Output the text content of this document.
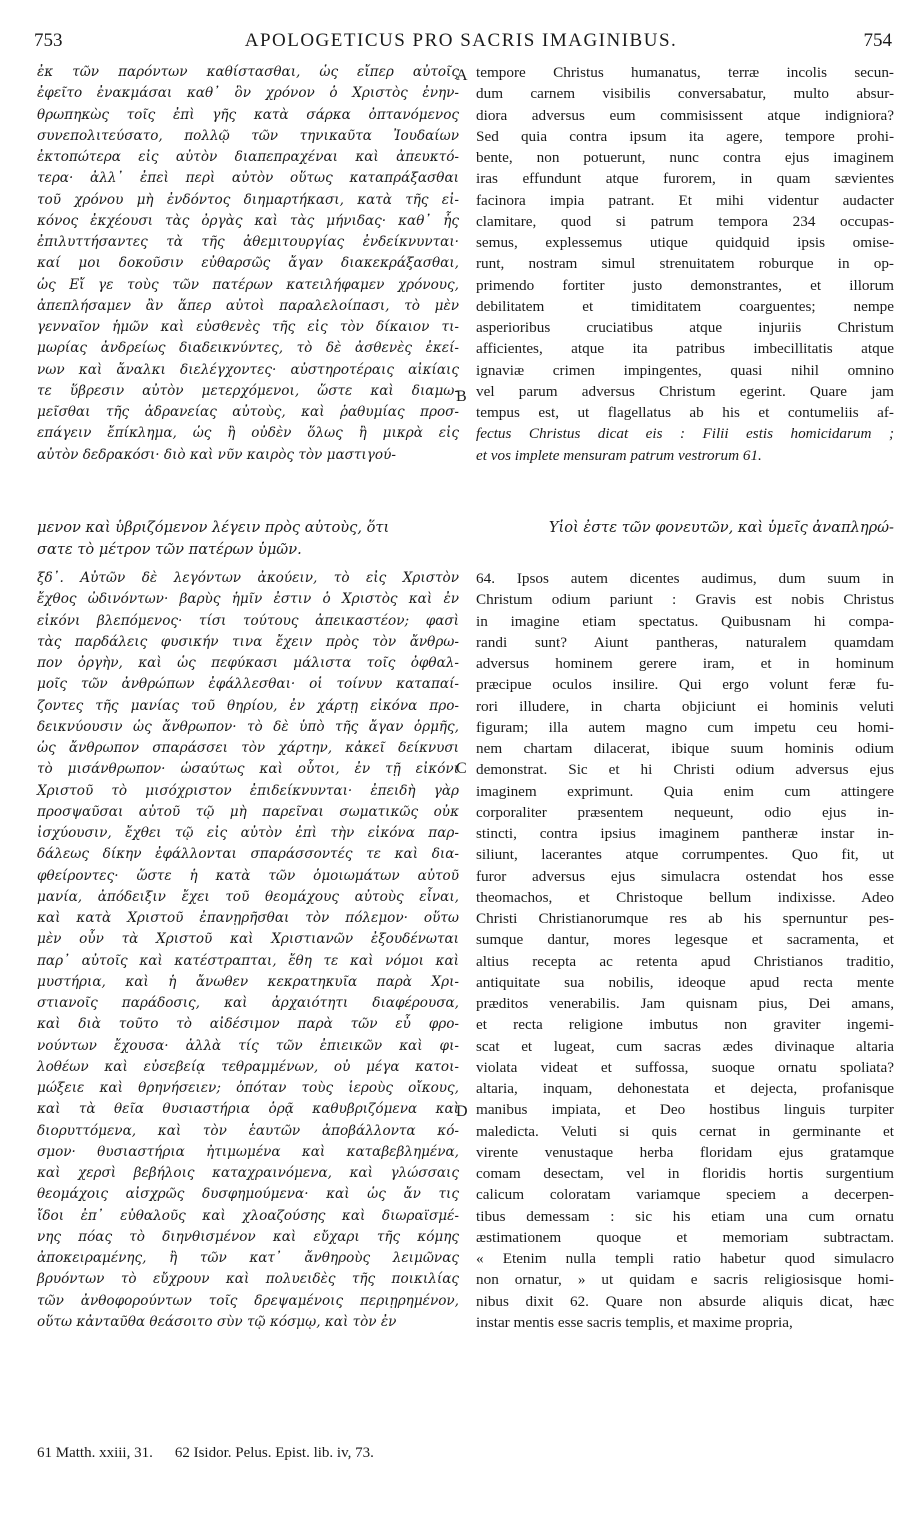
753	APOLOGETICUS PRO SACRIS IMAGINIBUS.	754
A
B
C
D
ἐκ τῶν παρόντων καθίστασθαι, ὡς εἴπερ αὐτοῖς
ἐφεῖτο ἐνακμάσαι καθ᾽ ὃν χρόνον ὁ Χριστὸς ἐνην-
θρωπηκὼς τοῖς ἐπὶ γῆς κατὰ σάρκα ὀπτανόμενος
συνεπολιτεύσατο, πολλῷ τῶν τηνικαῦτα Ἰουδαίων
ἐκτοπώτερα εἰς αὐτὸν διαπεπραχέναι καὶ ἀπευκτό-
τερα· ἀλλ᾽ ἐπεὶ περὶ αὐτὸν οὕτως καταπράξασθαι
τοῦ χρόνου μὴ ἐνδόντος διημαρτήκασι, κατὰ τῆς εἰ-
κόνος ἐκχέουσι τὰς ὀργὰς καὶ τὰς μήνιδας· καθ᾽ ἧς
ἐπιλυττήσαντες τὰ τῆς ἀθεμιτουργίας ἐνδείκνυνται·
καί μοι δοκοῦσιν εὐθαρσῶς ἄγαν διακεκράξασθαι,
ὡς Εἴ γε τοὺς τῶν πατέρων κατειλήφαμεν χρόνους,
ἀπεπλήσαμεν ἂν ἅπερ αὐτοὶ παραλελοίπασι, τὸ μὲν
γενναῖον ἡμῶν καὶ εὐσθενὲς τῆς εἰς τὸν δίκαιον τι-
μωρίας ἀνδρείως διαδεικνύντες, τὸ δὲ ἀσθενὲς ἐκεί-
νων καὶ ἄναλκι διελέγχοντες· αὐστηροτέραις αἰκίαις
τε ὕβρεσιν αὐτὸν μετερχόμενοι, ὥστε καὶ διαμω-
μεῖσθαι τῆς ἀδρανείας αὐτοὺς, καὶ ῥαθυμίας προσ-
επάγειν ἔπίκλημα, ὡς ἢ οὐδὲν ὅλως ἢ μικρὰ εἰς
αὐτὸν δεδρακόσι· διὸ καὶ νῦν καιρὸς τὸν μαστιγού-
tempore Christus humanatus, terræ incolis secun-
dum carnem visibilis conversabatur, multo absur-
diora adversus eum commisissent atque indigniora?
Sed quia contra ipsum ita agere, tempore prohi-
bente, non potuerunt, nunc contra ejus imaginem
iras effundunt atque furorem, in quam sævientes
facinora impia patrant. Et mihi videntur audacter
clamitare, quod si patrum tempora 234 occupas-
semus, explessemus utique quidquid ipsis omise-
runt, nostram simul strenuitatem roburque in op-
primendo fortiter justo demonstrantes, et illorum
debilitatem et timiditatem coarguentes; nempe
asperioribus cruciatibus atque injuriis Christum
afficientes, atque ita patribus imbecillitatis atque
ignaviæ crimen impingentes, quasi nihil omnino
vel parum adversus Christum egerint. Quare jam
tempus est, ut flagellatus ab his et contumeliis af-
fectus Christus dicat eis : Filii estis homicidarum ;
et vos implete mensuram patrum vestrorum 61.
μενον καὶ ὑβριζόμενον λέγειν πρὸς αὐτοὺς, ὅτι	Υἱοὶ ἐστε τῶν φονευτῶν, καὶ ὑμεῖς ἀναπληρώ-
σατε τὸ μέτρον τῶν πατέρων ὑμῶν.
ξδ᾽. Αὐτῶν δὲ λεγόντων ἀκούειν, τὸ εἰς Χριστὸν
ἔχθος ὠδινόντων· βαρὺς ἡμῖν ἐστιν ὁ Χριστὸς καὶ ἐν
εἰκόνι βλεπόμενος· τίσι τούτους ἀπεικαστέον; φασὶ
τὰς παρδάλεις φυσικήν τινα ἔχειν πρὸς τὸν ἄνθρω-
πον ὀργὴν, καὶ ὡς πεφύκασι μάλιστα τοῖς ὀφθαλ-
μοῖς τῶν ἀνθρώπων ἐφάλλεσθαι· οἱ τοίνυν καταπαί-
ζοντες τῆς μανίας τοῦ θηρίου, ἐν χάρτῃ εἰκόνα προ-
δεικνύουσιν ὡς ἄνθρωπον· τὸ δὲ ὑπὸ τῆς ἄγαν ὁρμῆς,
ὡς ἄνθρωπον σπαράσσει τὸν χάρτην, κἀκεῖ δείκνυσι
τὸ μισάνθρωπον· ὡσαύτως καὶ οὗτοι, ἐν τῇ εἰκόνι
Χριστοῦ τὸ μισόχριστον ἐπιδείκνυνται· ἐπειδὴ γὰρ
προσψαῦσαι αὐτοῦ τῷ μὴ παρεῖναι σωματικῶς οὐκ
ἰσχύουσιν, ἔχθει τῷ εἰς αὐτὸν ἐπὶ τὴν εἰκόνα παρ-
δάλεως δίκην ἐφάλλονται σπαράσσοντές τε καὶ δια-
φθείροντες· ὥστε ἡ κατὰ τῶν ὁμοιωμάτων αὐτοῦ
μανία, ἀπόδειξιν ἔχει τοῦ θεομάχους αὐτοὺς εἶναι,
καὶ κατὰ Χριστοῦ ἐπανῃρῆσθαι τὸν πόλεμον· οὕτω
μὲν οὖν τὰ Χριστοῦ καὶ Χριστιανῶν ἐξουδένωται
παρ᾽ αὐτοῖς καὶ κατέστραπται, ἔθη τε καὶ νόμοι καὶ
μυστήρια, καὶ ἡ ἄνωθεν κεκρατηκυῖα παρὰ Χρι-
στιανοῖς παράδοσις, καὶ ἀρχαιότητι διαφέρουσα,
καὶ διὰ τοῦτο τὸ αἰδέσιμον παρὰ τῶν εὖ φρο-
νούντων ἔχουσα· ἀλλὰ τίς τῶν ἐπιεικῶν καὶ φι-
λοθέων καὶ εὐσεβείᾳ τεθραμμένων, οὐ μέγα κατοι-
μώξειε καὶ θρηνήσειεν; ὁπόταν τοὺς ἱεροὺς οἴκους,
καὶ τὰ θεῖα θυσιαστήρια ὁρᾷ καθυβριζόμενα καὶ
διορυττόμενα, καὶ τὸν ἑαυτῶν ἀποβάλλοντα κό-
σμον· θυσιαστήρια ἠτιμωμένα καὶ καταβεβλημένα,
καὶ χερσὶ βεβήλοις καταχραινόμενα, καὶ γλώσσαις
θεομάχοις αἰσχρῶς δυσφημούμενα· καὶ ὡς ἄν τις
ἴδοι ἐπ᾽ εὐθαλοῦς καὶ χλοαζούσης καὶ διωραϊσμέ-
νης πόας τὸ διηνθισμένον καὶ εὔχαρι τῆς κόμης
ἀποκειραμένης, ἢ τῶν κατ᾽ ἄνθηροὺς λειμῶνας
βρυόντων τὸ εὔχρουν καὶ πολυειδὲς τῆς ποικιλίας
τῶν ἀνθοφορούντων τοῖς δρεψαμένοις περιῃρημένον,
οὕτω κἀνταῦθα θεάσοιτο σὺν τῷ κόσμῳ, καὶ τὸν ἐν
64. Ipsos autem dicentes audimus, dum suum in
Christum odium pariunt : Gravis est nobis Christus
in imagine etiam spectatus. Quibusnam hi compa-
randi sunt? Aiunt pantheras, naturalem quamdam
adversus hominem gerere iram, et in hominum
præcipue oculos insilire. Qui ergo volunt feræ fu-
rori illudere, in charta objiciunt ei hominis veluti
figuram; illa autem magno cum impetu ceu homi-
nem chartam dilacerat, ibique suum hominis odium
demonstrat. Sic et hi Christi odium adversus ejus
imaginem exprimunt. Quia enim cum attingere
corporaliter præsentem nequeunt, odio ejus in-
stincti, contra ipsius imaginem pantheræ instar in-
siliunt, lacerantes atque corrumpentes. Quo fit, ut
furor adversus ejus simulacra ostendat hos esse
theomachos, et Christoque bellum indixisse. Adeo
Christi Christianorumque res ab his spernuntur pes-
sumque dantur, mores legesque et sacramenta, et
altius recepta ac retenta apud Christianos traditio,
antiquitate sua nobilis, ideoque apud recta mente
præditos venerabilis. Jam quisnam pius, Dei amans,
et recta religione imbutus non graviter ingemi-
scat et lugeat, cum sacras ædes divinaque altaria
violata videat et suffossa, suoque ornatu spoliata?
altaria, inquam, dehonestata et dejecta, profanisque
manibus impiata, et Deo hostibus linguis turpiter
maledicta. Veluti si quis cernat in germinante et
virente venustaque herba floridam ejus gratamque
comam desectam, vel in floridis hortis surgentium
calicum coloratam variamque speciem a decerpen-
tibus demessam : sic his etiam una cum ornatu
æstimationem quoque et memoriam subtractam.
« Etenim nulla templi ratio habetur quod simulacro
non ornatur, » ut quidam e sacris religiosisque homi-
nibus dixit 62. Quare non absurde aliquis dicat, hæc
instar mentis esse sacris templis, et maxime propria,
61 Matth. xxiii, 31. 62 Isidor. Pelus. Epist. lib. iv, 73.
